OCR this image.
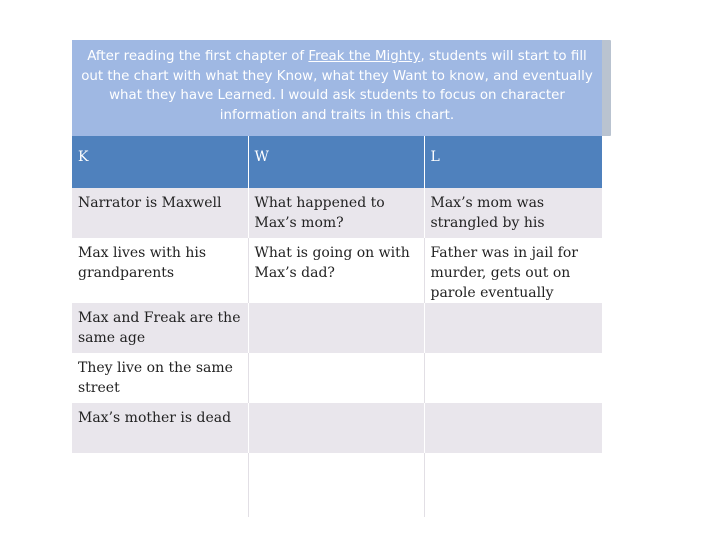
After reading the first chapter of Freak the Mighty, students will start to fill out the chart with what they Know, what they Want to know, and eventually what they have Learned. I would ask students to focus on character information and traits in this chart.
K	W	L
Narrator is Maxwell	What happened to Max’s mom?	Max’s mom was strangled by his
Max lives with his grandparents	What is going on with Max’s dad?	Father was in jail for murder, gets out on parole eventually
Max and Freak are the same age		
They live on the same street		
Max’s mother is dead		
